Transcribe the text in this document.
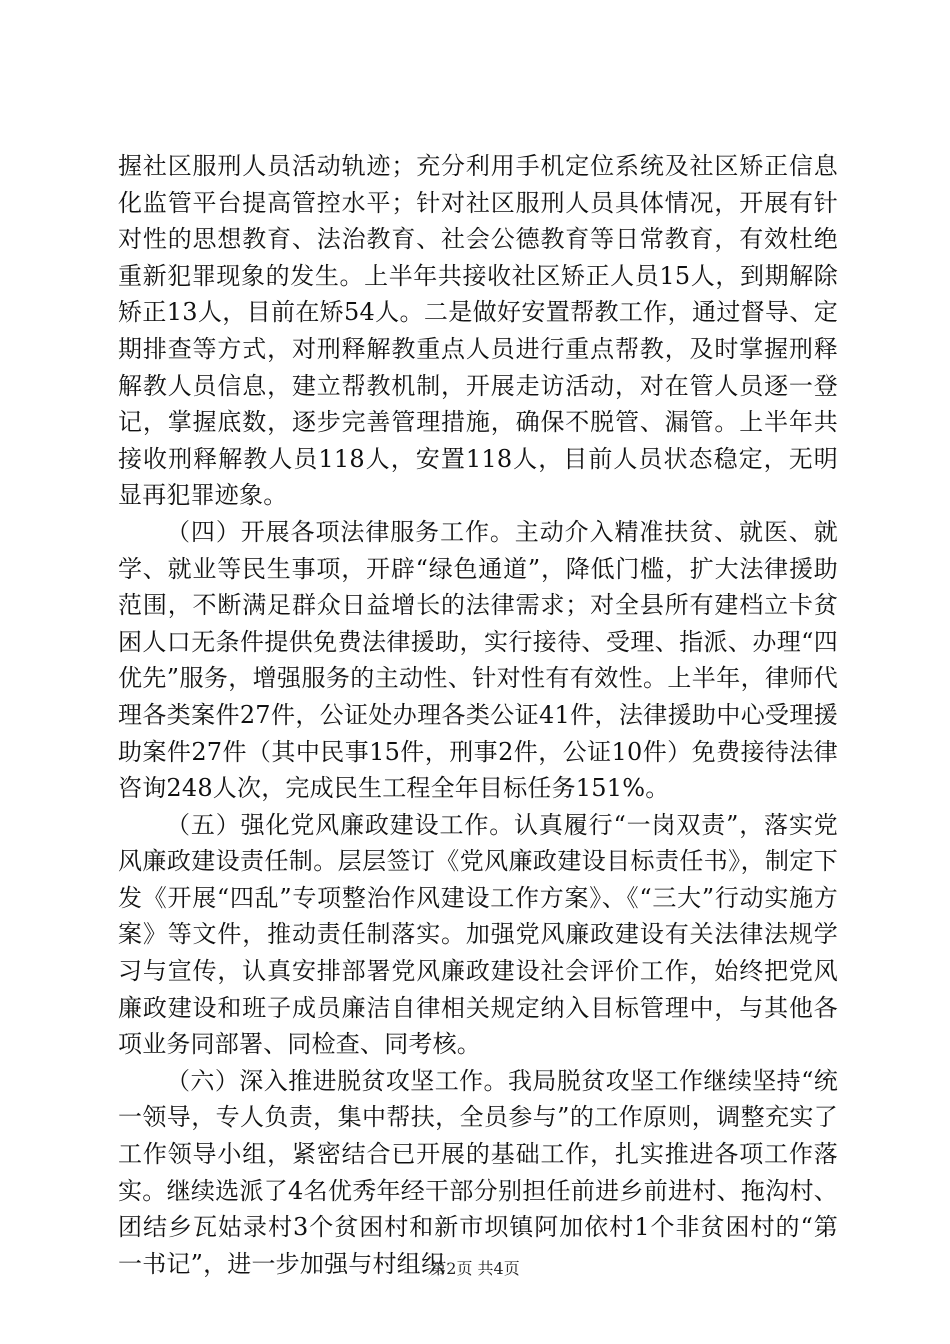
握社区服刑人员活动轨迹；充分利用手机定位系统及社区矫正信息化监管平台提高管控水平；针对社区服刑人员具体情况，开展有针对性的思想教育、法治教育、社会公德教育等日常教育，有效杜绝重新犯罪现象的发生。上半年共接收社区矫正人员15人，到期解除矫正13人，目前在矫54人。二是做好安置帮教工作，通过督导、定期排查等方式，对刑释解教重点人员进行重点帮教，及时掌握刑释解教人员信息，建立帮教机制，开展走访活动，对在管人员逐一登记，掌握底数，逐步完善管理措施，确保不脱管、漏管。上半年共接收刑释解教人员118人，安置118人，目前人员状态稳定，无明显再犯罪迹象。

（四）开展各项法律服务工作。主动介入精准扶贫、就医、就学、就业等民生事项，开辟“绿色通道”，降低门槛，扩大法律援助范围，不断满足群众日益增长的法律需求；对全县所有建档立卡贫困人口无条件提供免费法律援助，实行接待、受理、指派、办理“四优先”服务，增强服务的主动性、针对性有有效性。上半年，律师代理各类案件27件，公证处办理各类公证41件，法律援助中心受理援助案件27件（其中民事15件，刑事2件，公证10件）免费接待法律咨询248人次，完成民生工程全年目标任务151%。

（五）强化党风廉政建设工作。认真履行“一岗双责”，落实党风廉政建设责任制。层层签订《党风廉政建设目标责任书》，制定下发《开展“四乱”专项整治作风建设工作方案》、《“三大”行动实施方案》等文件，推动责任制落实。加强党风廉政建设有关法律法规学习与宣传，认真安排部署党风廉政建设社会评价工作，始终把党风廉政建设和班子成员廉洁自律相关规定纳入目标管理中，与其他各项业务同部署、同检查、同考核。

（六）深入推进脱贫攻坚工作。我局脱贫攻坚工作继续坚持“统一领导，专人负责，集中帮扶，全员参与”的工作原则，调整充实了工作领导小组，紧密结合已开展的基础工作，扎实推进各项工作落实。继续选派了4名优秀年经干部分别担任前进乡前进村、拖沟村、团结乡瓦姑录村3个贫困村和新市坝镇阿加依村1个非贫困村的“第一书记”，进一步加强与村组织

第2页 共4页
